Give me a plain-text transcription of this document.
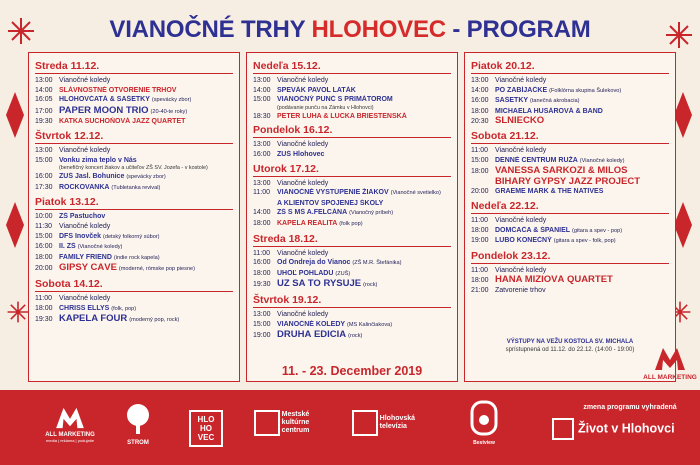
VIANOČNÉ TRHY HLOHOVEC - PROGRAM
Streda 11.12.
13:00 Vianočné koledy
14:00 SLÁVNOSTNÉ OTVORENIE TRHOV
16:05 HLOHOVČATÁ & SAŠETKY (spevácky zbor)
17:00 PAPER MOON TRIO (20-40-te roky)
19:30 KATKA SUCHOŇOVÁ JAZZ QUARTET
Štvrtok 12.12.
13:00 Vianočné koledy
15:00 Vonku zima teplo v Nás
(benefičný koncert žiakov a učiteľov ZŠ SV. Jozefa - v kostole)
16:00 ZUŠ Jasl. Bohunice (spevácky zbor)
17:30 ROCKOVANKA (Tubletanka revival)
Piatok 13.12.
10:00 ZŠ Pastuchov
11:30 Vianočné koledy
15:00 DFS Inovček (detský folkorný súbor)
16:00 II. ZŠ (Vianočné koledy)
18:00 FAMILY FRIEND (indie rock kapela)
20:00 GIPSY ČÁVE (moderné, rómske pop piesne)
Sobota 14.12.
11:00 Vianočné koledy
18:00 CHRISS ELLYS (folk, pop)
19:30 KAPELA FOUR (moderný pop, rock)
Nedeľa 15.12.
13:00 Vianočné koledy
14:00 SPEVÁK PAVOL LATÁK
15:00 VIANOČNÝ PUNČ S PRIMÁTOROM
(podávanie punču na Zámku v Hlohovci)
18:30 PETER LUHA & LUCKA BRIESTENSKÁ
Pondelok 16.12.
13:00 Vianočné koledy
16:00 ZUŠ Hlohovec
Utorok 17.12.
13:00 Vianočné koledy
11:00 VIANOČNÉ VYSTÚPENIE ŽIAKOV (Vianočné svetielko)
A KLIENTOV SPOJENEJ ŠKOLY
14:00 ZŠ S MŠ A.FELCÁNA (Vianočný príbeh)
18:00 KAPELA REALITA (folk pop)
Streda 18.12.
11:00 Vianočné koledy
16:00 Od Ondreja do Vianoc (ZŠ M.R. Štefánika)
18:00 UHOĽ POHLADU (ZUŠ)
19:30 UŽ SA TO RYSUJE (rock)
Štvrtok 19.12.
13:00 Vianočné koledy
15:00 VIANOČNÉ KOLEDY (MS Kalinčiakova)
19:00 DRUHÁ EDÍCIA (rock)
Piatok 20.12.
13:00 Vianočné koledy
14:00 PO ZABÍJAČKE (Folklórna skupina Šulekovo)
16:00 SAŠETKY (tanečná akrobacia)
18:00 MICHAELA HUSÁROVÁ & BAND
20:30 SLNIEČKO
Sobota 21.12.
11:00 Vianočné koledy
15:00 DENNÉ CENTRUM RUŽA (Vianočné koledy)
18:00 VANESSA ŠARKÖZI & MILOŠ
BIHÁRY GYPSY JAZZ PROJECT
20:00 GRAEME MARK & THE NATIVES
Nedeľa 22.12.
11:00 Vianočné koledy
18:00 DOMČAČA & ŠPANIEL (gitara a spev - pop)
19:00 LUBO KONEČNÝ (gitara a spev - folk, pop)
Pondelok 23.12.
11:00 Vianočné koledy
18:00 HANA MIZIOVÁ QUARTET
21:00 Zatvorenie trhov
VÝSTUPY NA VEŽU KOSTOLA SV. MICHALA
sprístupnená od 11.12. do 22.12. (14:00 - 19:00)
11. - 23. December 2019	ALL MARKETING
ALL MARKETING
media | reklama | podujatie	STROM
HLO HO VEC
Mestské kultúrne centrum
Hlohovská televízia
Bestview
zmena programu vyhradená
Život v Hlohovci
